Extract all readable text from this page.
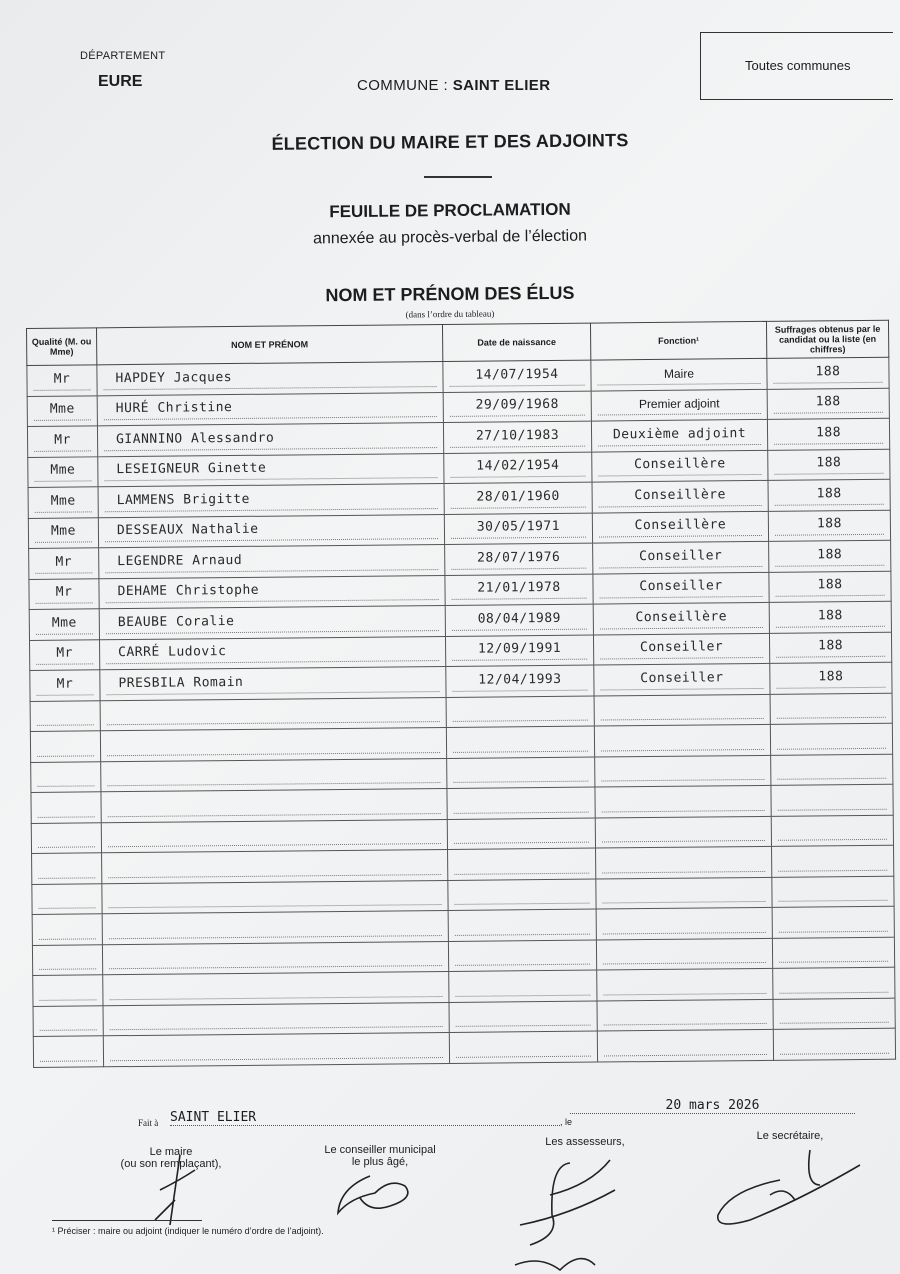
DÉPARTEMENT
EURE	COMMUNE : SAINT ELIER
Toutes communes
ÉLECTION DU MAIRE ET DES ADJOINTS
FEUILLE DE PROCLAMATION
annexée au procès-verbal de l’élection
NOM ET PRÉNOM DES ÉLUS
(dans l’ordre du tableau)
Qualité (M. ou Mme)	NOM ET PRÉNOM	Date de naissance	Fonction¹	Suffrages obtenus par le candidat ou la liste (en chiffres)

Mr	HAPDEY Jacques	14/07/1954	Maire	188

Mme	HURÉ Christine	29/09/1968	Premier adjoint	188

Mr	GIANNINO Alessandro	27/10/1983	Deuxième adjoint	188

Mme	LESEIGNEUR Ginette	14/02/1954	Conseillère	188

Mme	LAMMENS Brigitte	28/01/1960	Conseillère	188

Mme	DESSEAUX Nathalie	30/05/1971	Conseillère	188

Mr	LEGENDRE Arnaud	28/07/1976	Conseiller	188

Mr	DEHAME Christophe	21/01/1978	Conseiller	188

Mme	BEAUBE Coralie	08/04/1989	Conseillère	188

Mr	CARRÉ Ludovic	12/09/1991	Conseiller	188

Mr	PRESBILA Romain	12/04/1993	Conseiller	188

Fait à SAINT ELIER	, le
20 mars 2026
Le maire
(ou son remplaçant),
Le conseiller municipal
le plus âgé,
Les assesseurs,	Le secrétaire,
¹ Préciser : maire ou adjoint (indiquer le numéro d’ordre de l’adjoint).
